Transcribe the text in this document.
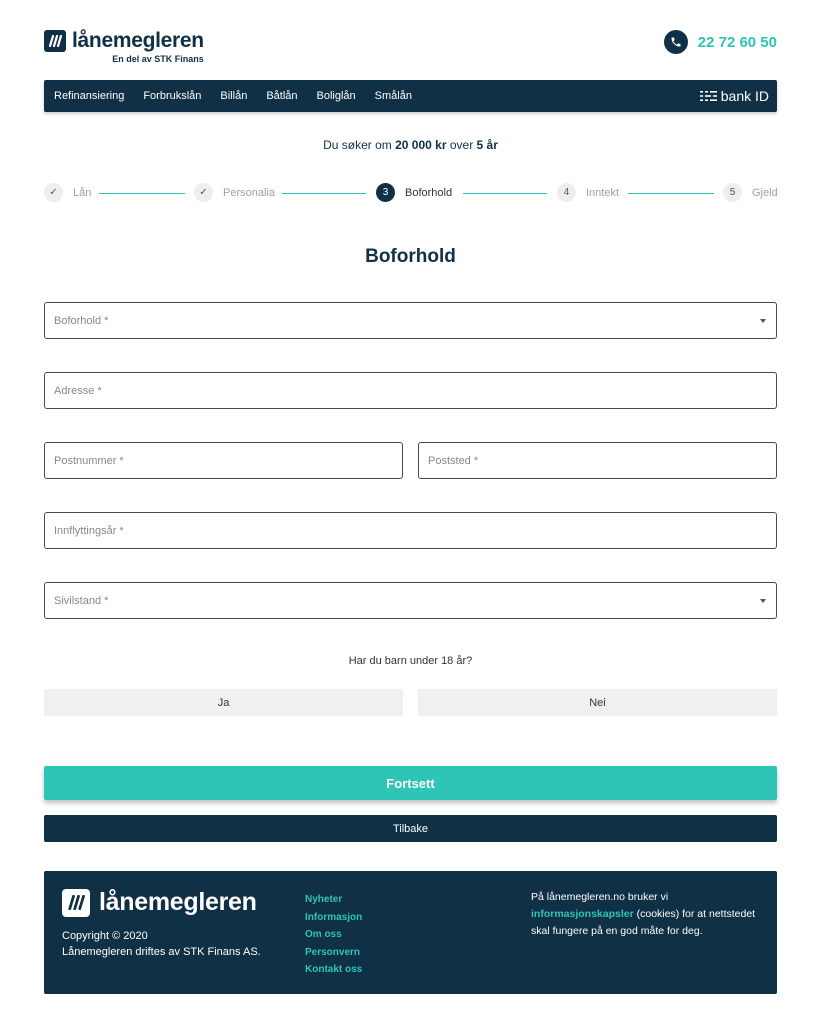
lånemegleren
En del av STK Finans
22 72 60 50
Refinansiering Forbrukslån Billån Båtlån Boliglån Smålån	bank ID
Du søker om 20 000 kr over 5 år
✓	Lån	✓	Personalia	3	Boforhold	4	Inntekt	5	Gjeld
Boforhold
Boforhold *
Adresse *
Postnummer *	Poststed *
Innflyttingsår *
Sivilstand *
Har du barn under 18 år?
Ja	Nei
Fortsett
Tilbake
lånemegleren
Copyright © 2020
Lånemegleren driftes av STK Finans AS.
Nyheter
Informasjon
Om oss
Personvern
Kontakt oss
På lånemegleren.no bruker vi
informasjonskapsler (cookies) for at nettstedet skal fungere på en god måte for deg.
